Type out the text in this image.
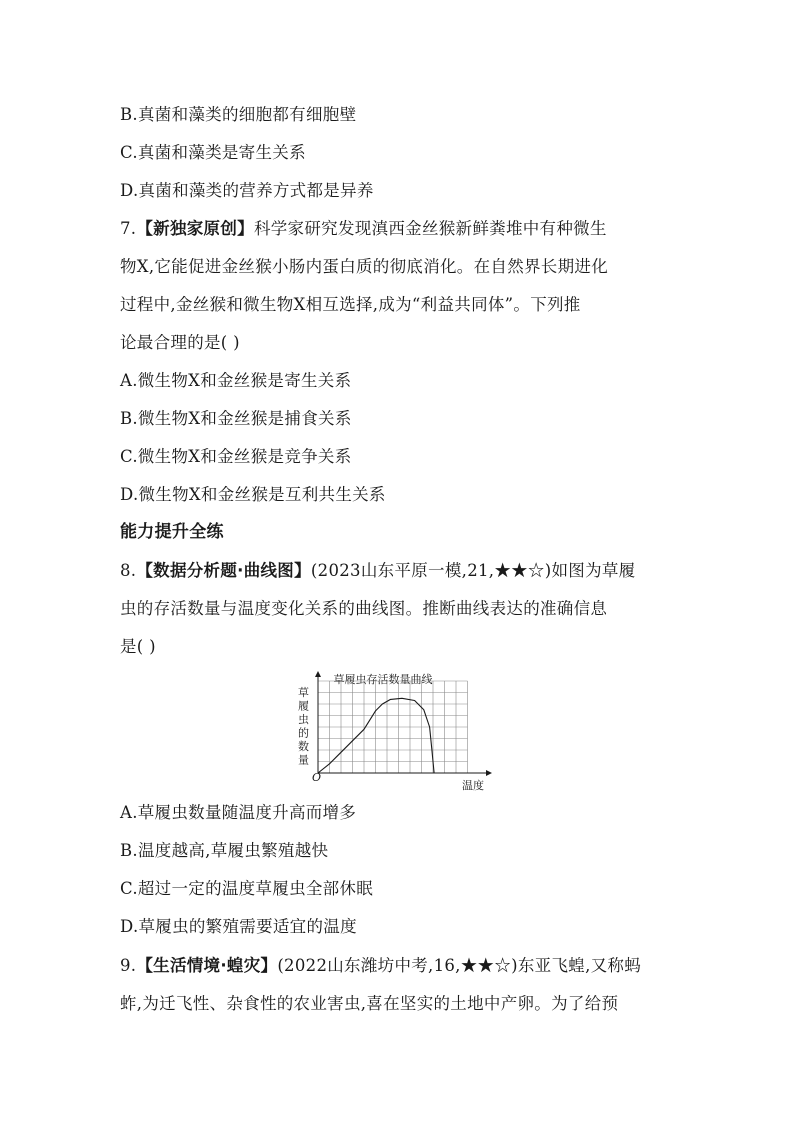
B.真菌和藻类的细胞都有细胞壁
C.真菌和藻类是寄生关系
D.真菌和藻类的营养方式都是异养
7.【新独家原创】科学家研究发现滇西金丝猴新鲜粪堆中有种微生
物X,它能促进金丝猴小肠内蛋白质的彻底消化。在自然界长期进化
过程中,金丝猴和微生物X相互选择,成为“利益共同体”。下列推
论最合理的是( )
A.微生物X和金丝猴是寄生关系
B.微生物X和金丝猴是捕食关系
C.微生物X和金丝猴是竞争关系
D.微生物X和金丝猴是互利共生关系
能力提升全练
8.【数据分析题·曲线图】(2023山东平原一模,21,★★☆)如图为草履
虫的存活数量与温度变化关系的曲线图。推断曲线表达的准确信息
是( )
草履虫存活数量曲线
草
履
虫
的
数
量
O
温度
A.草履虫数量随温度升高而增多
B.温度越高,草履虫繁殖越快
C.超过一定的温度草履虫全部休眠
D.草履虫的繁殖需要适宜的温度
9.【生活情境·蝗灾】(2022山东潍坊中考,16,★★☆)东亚飞蝗,又称蚂
蚱,为迁飞性、杂食性的农业害虫,喜在坚实的土地中产卵。为了给预
